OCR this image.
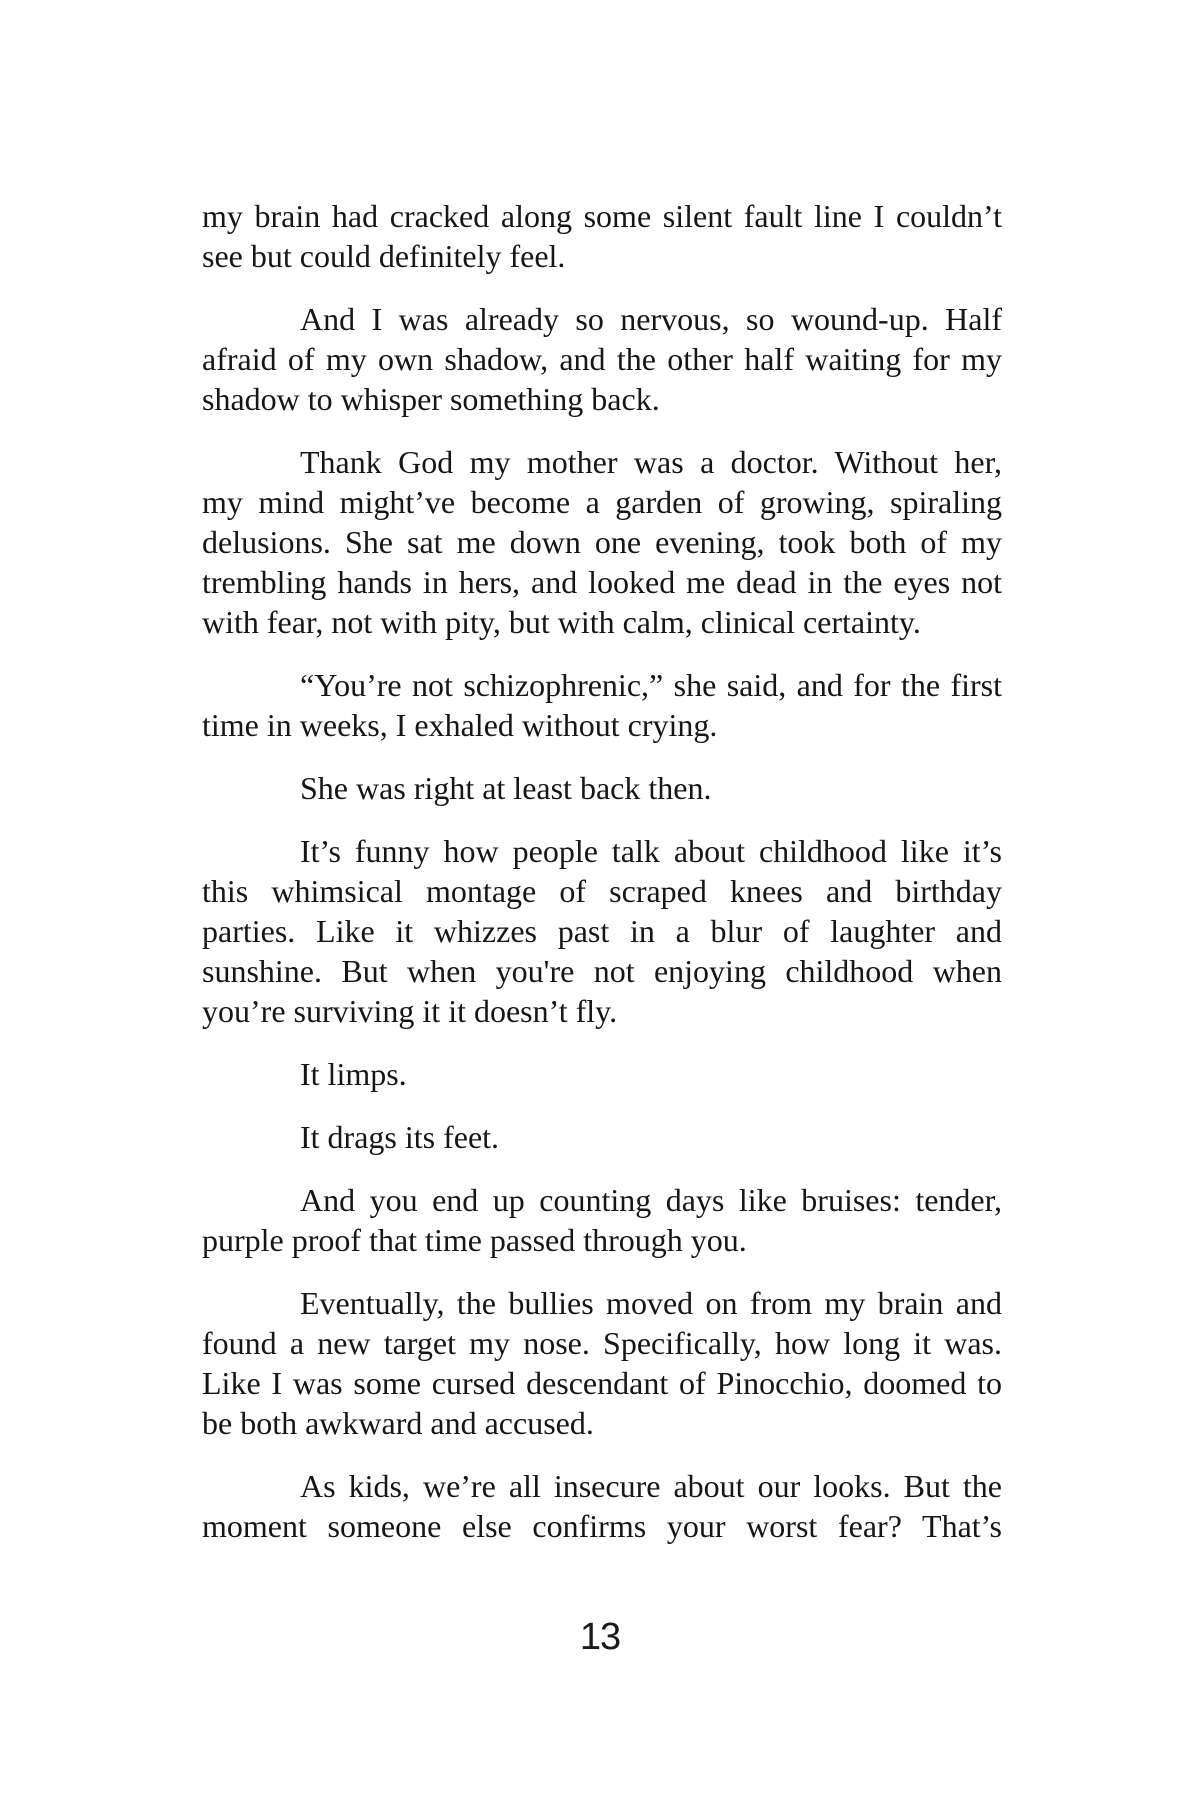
my brain had cracked along some silent fault line I couldn’t
see but could definitely feel.
And I was already so nervous, so wound-up. Half
afraid of my own shadow, and the other half waiting for my
shadow to whisper something back.
Thank God my mother was a doctor. Without her,
my mind might’ve become a garden of growing, spiraling
delusions. She sat me down one evening, took both of my
trembling hands in hers, and looked me dead in the eyes not
with fear, not with pity, but with calm, clinical certainty.
“You’re not schizophrenic,” she said, and for the first
time in weeks, I exhaled without crying.
She was right at least back then.
It’s funny how people talk about childhood like it’s
this whimsical montage of scraped knees and birthday
parties. Like it whizzes past in a blur of laughter and
sunshine. But when you're not enjoying childhood when
you’re surviving it it doesn’t fly.
It limps.
It drags its feet.
And you end up counting days like bruises: tender,
purple proof that time passed through you.
Eventually, the bullies moved on from my brain and
found a new target my nose. Specifically, how long it was.
Like I was some cursed descendant of Pinocchio, doomed to
be both awkward and accused.
As kids, we’re all insecure about our looks. But the
moment someone else confirms your worst fear? That’s
13
